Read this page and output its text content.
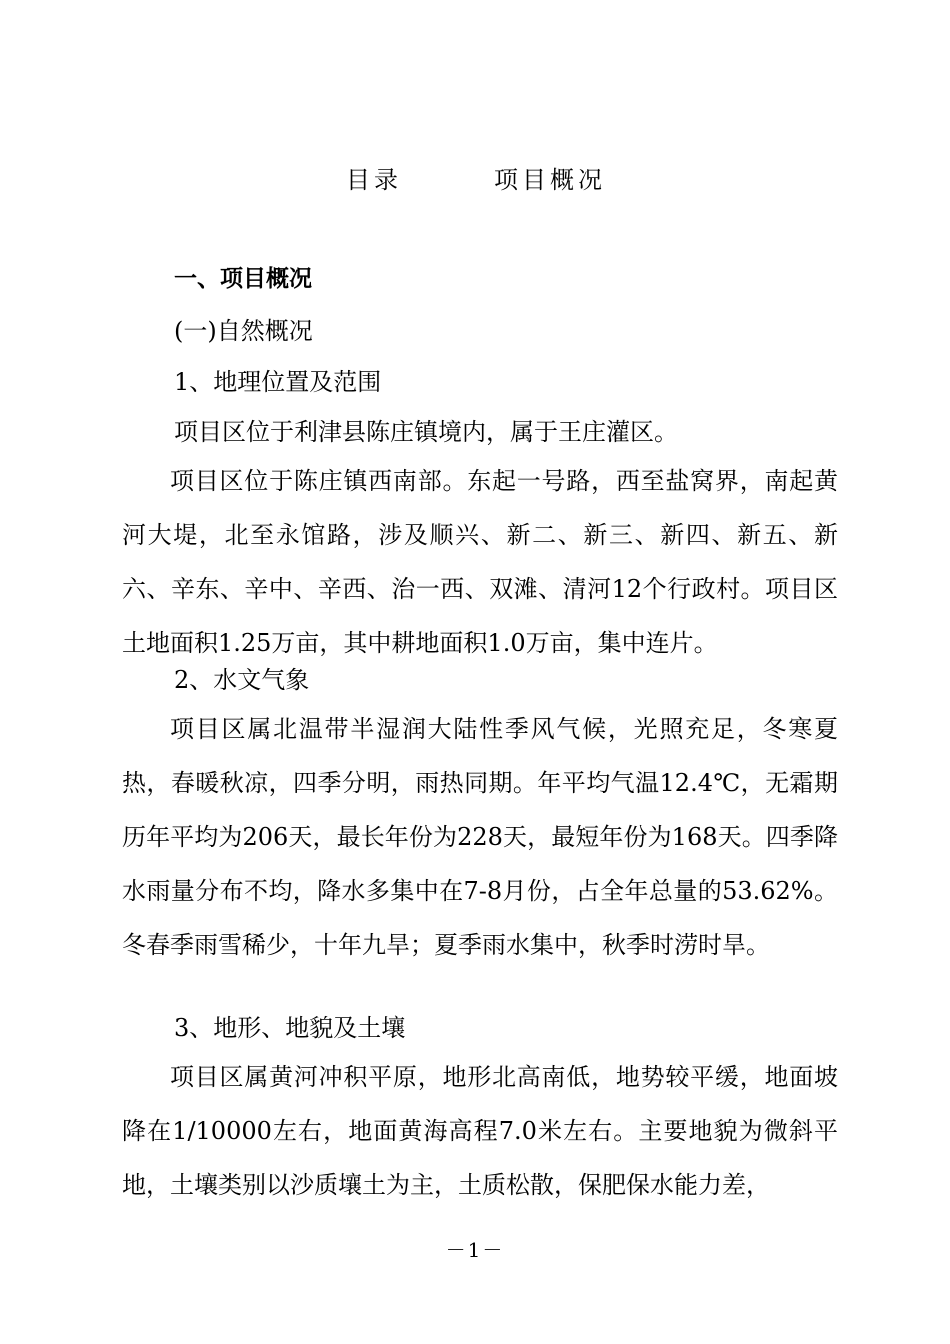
目录	项目概况
一、项目概况
(一)自然概况
1、地理位置及范围
项目区位于利津县陈庄镇境内，属于王庄灌区。
项目区位于陈庄镇西南部。东起一号路，西至盐窝界，南起黄河大堤，北至永馆路，涉及顺兴、新二、新三、新四、新五、新六、辛东、辛中、辛西、治一西、双滩、清河12个行政村。项目区土地面积1.25万亩，其中耕地面积1.0万亩，集中连片。
2、水文气象
项目区属北温带半湿润大陆性季风气候，光照充足，冬寒夏热，春暖秋凉，四季分明，雨热同期。年平均气温12.4℃，无霜期历年平均为206天，最长年份为228天，最短年份为168天。四季降水雨量分布不均，降水多集中在7-8月份，占全年总量的53.62%。冬春季雨雪稀少，十年九旱；夏季雨水集中，秋季时涝时旱。
3、地形、地貌及土壤
项目区属黄河冲积平原，地形北高南低，地势较平缓，地面坡降在1/10000左右，地面黄海高程7.0米左右。主要地貌为微斜平地，土壤类别以沙质壤土为主，土质松散，保肥保水能力差，
－1－
